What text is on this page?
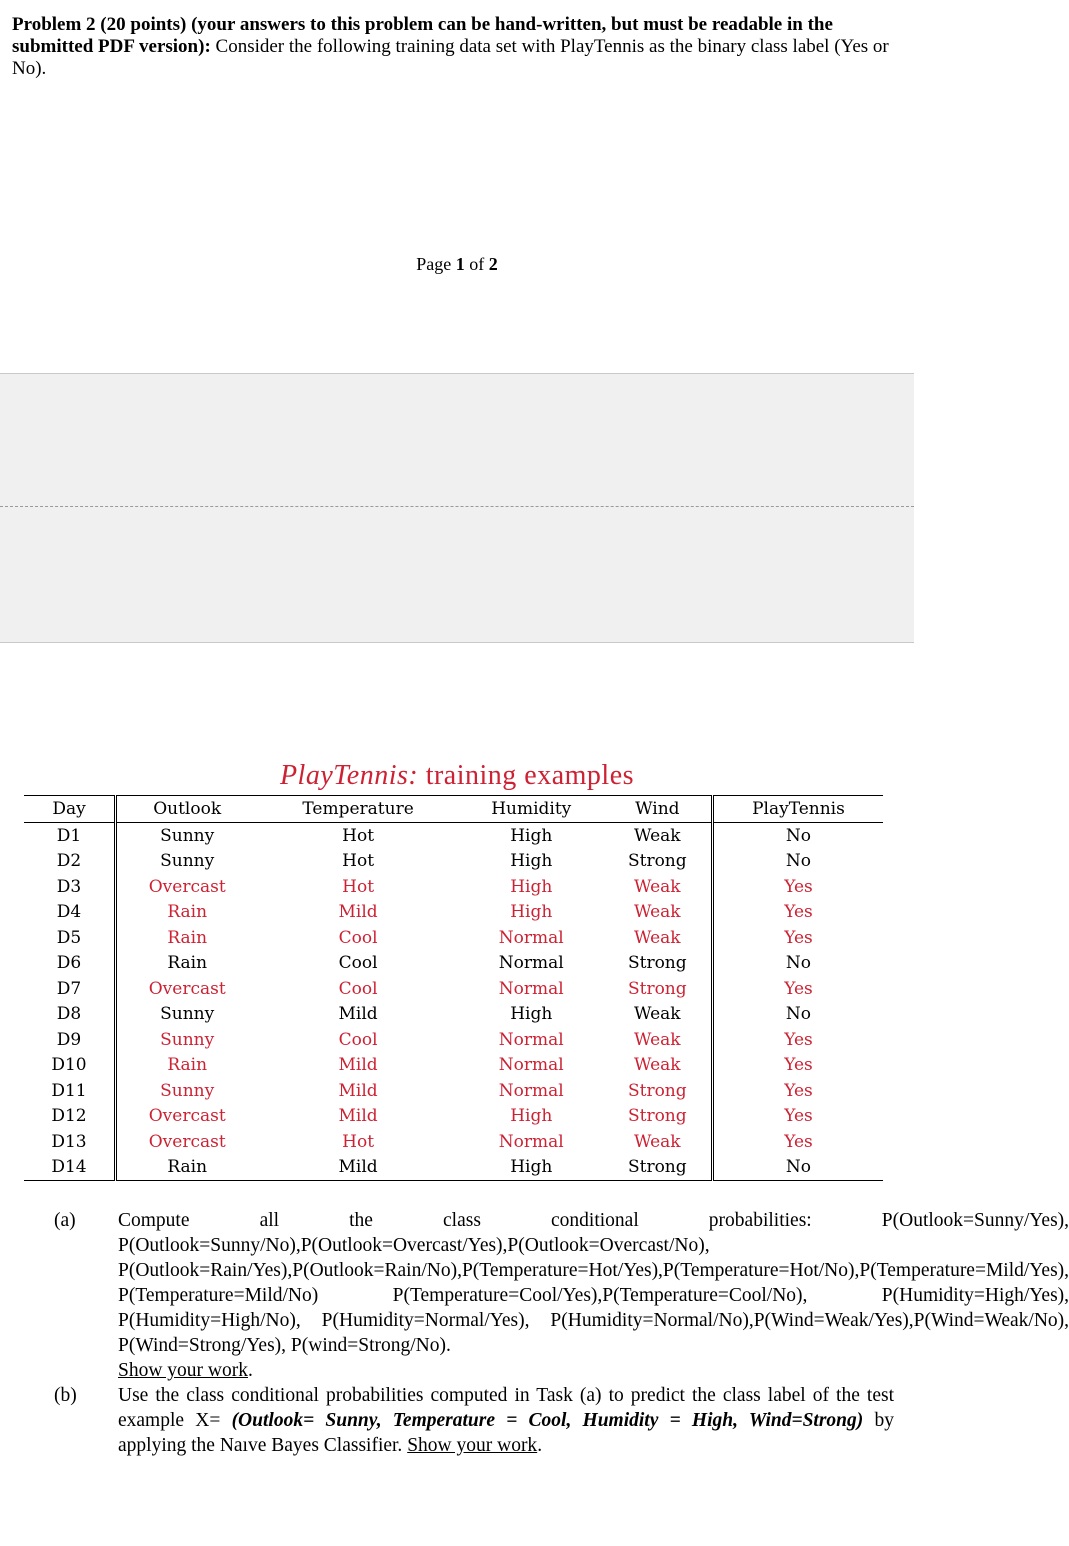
Problem 2 (20 points) (your answers to this problem can be hand-written, but must be readable in the submitted PDF version): Consider the following training data set with PlayTennis as the binary class label (Yes or No).
Page 1 of 2
PlayTennis: training examples
Day	Outlook	Temperature	Humidity	Wind	PlayTennis
D1	Sunny	Hot	High	Weak	No
D2	Sunny	Hot	High	Strong	No
D3	Overcast	Hot	High	Weak	Yes
D4	Rain	Mild	High	Weak	Yes
D5	Rain	Cool	Normal	Weak	Yes
D6	Rain	Cool	Normal	Strong	No
D7	Overcast	Cool	Normal	Strong	Yes
D8	Sunny	Mild	High	Weak	No
D9	Sunny	Cool	Normal	Weak	Yes
D10	Rain	Mild	Normal	Weak	Yes
D11	Sunny	Mild	Normal	Strong	Yes
D12	Overcast	Mild	High	Strong	Yes
D13	Overcast	Hot	Normal	Weak	Yes
D14	Rain	Mild	High	Strong	No
(a)	Compute all the class conditional probabilities: P(Outlook=Sunny/Yes), P(Outlook=Sunny/No),P(Outlook=Overcast/Yes),P(Outlook=Overcast/No), P(Outlook=Rain/Yes),P(Outlook=Rain/No),P(Temperature=Hot/Yes),P(Temperature=Hot/No),P(Temperature=Mild/Yes), P(Temperature=Mild/No) P(Temperature=Cool/Yes),P(Temperature=Cool/No), P(Humidity=High/Yes), P(Humidity=High/No), P(Humidity=Normal/Yes), P(Humidity=Normal/No),P(Wind=Weak/Yes),P(Wind=Weak/No), P(Wind=Strong/Yes), P(wind=Strong/No).
Show your work.
(b)	Use the class conditional probabilities computed in Task (a) to predict the class label of the test example X= (Outlook= Sunny, Temperature = Cool, Humidity = High, Wind=Strong) by applying the Naıve Bayes Classifier. Show your work.
